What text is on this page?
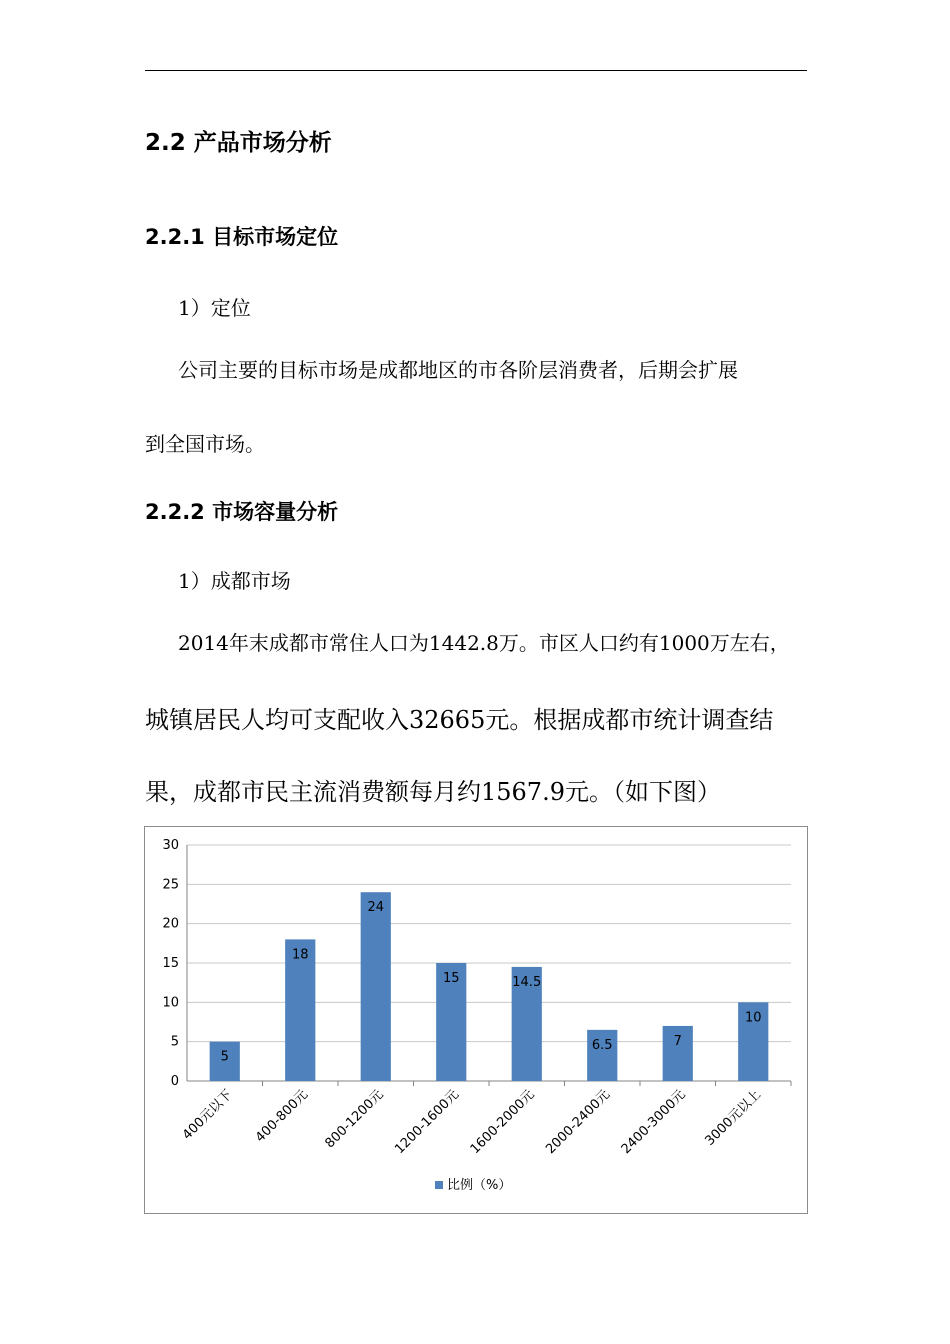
2.2 产品市场分析
2.2.1 目标市场定位

1）定位

公司主要的目标市场是成都地区的市各阶层消费者，后期会扩展

到全国市场。

2.2.2 市场容量分析

1）成都市场

2014年末成都市常住人口为1442.8万。市区人口约有1000万左右，

城镇居民人均可支配收入32665元。根据成都市统计调查结

果，成都市民主流消费额每月约1567.9元。（如下图）

0
5
10
15
20
25
30
5
400元以下
18
400-800元
24
800-1200元
15
1200-1600元
14.5
1600-2000元
6.5
2000-2400元
7
2400-3000元
10
3000元以上
比例（%）
